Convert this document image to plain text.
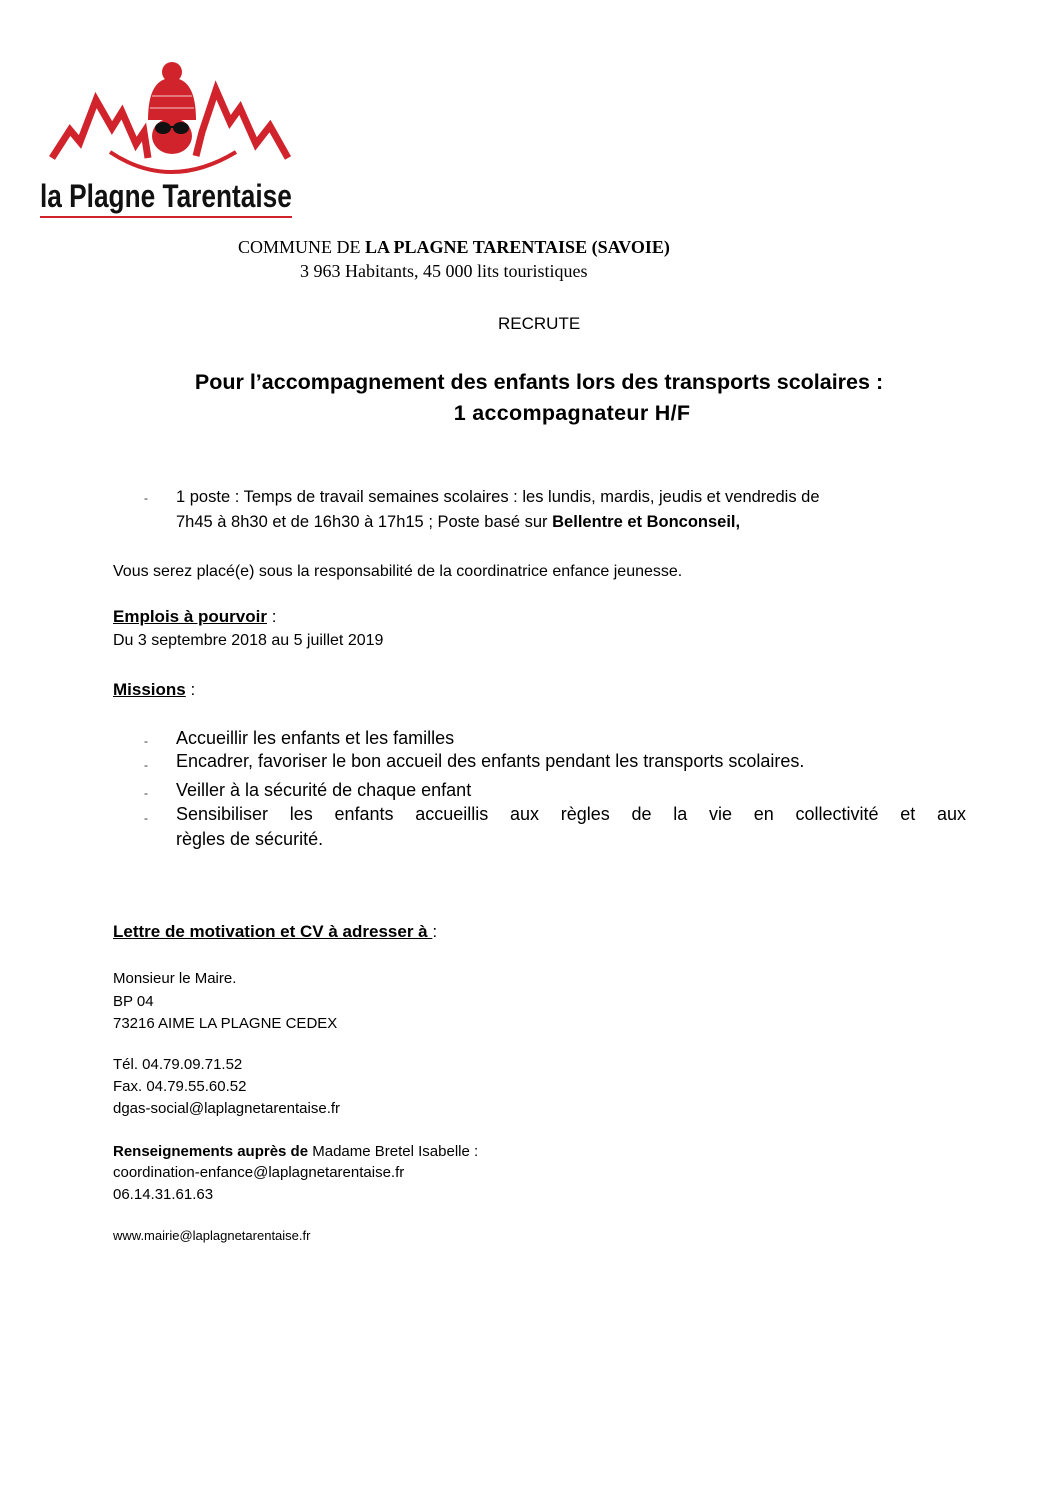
la Plagne Tarentaise
COMMUNE DE LA PLAGNE TARENTAISE (SAVOIE)
3 963 Habitants, 45 000 lits touristiques
RECRUTE
Pour l’accompagnement des enfants lors des transports scolaires :
1 accompagnateur H/F
- 1 poste : Temps de travail semaines scolaires : les lundis, mardis, jeudis et vendredis de
7h45 à 8h30 et de 16h30 à 17h15 ; Poste basé sur Bellentre et Bonconseil,
Vous serez placé(e) sous la responsabilité de la coordinatrice enfance jeunesse.
Emplois à pourvoir :
Du 3 septembre 2018 au 5 juillet 2019
Missions :
- Accueillir les enfants et les familles
- Encadrer, favoriser le bon accueil des enfants pendant les transports scolaires.
- Veiller à la sécurité de chaque enfant
- Sensibiliser les enfants accueillis aux règles de la vie en collectivité et aux
règles de sécurité.
Lettre de motivation et CV à adresser à :
Monsieur le Maire.
BP 04
73216 AIME LA PLAGNE CEDEX
Tél. 04.79.09.71.52
Fax. 04.79.55.60.52
dgas-social@laplagnetarentaise.fr
Renseignements auprès de Madame Bretel Isabelle :
coordination-enfance@laplagnetarentaise.fr
06.14.31.61.63
www.mairie@laplagnetarentaise.fr
